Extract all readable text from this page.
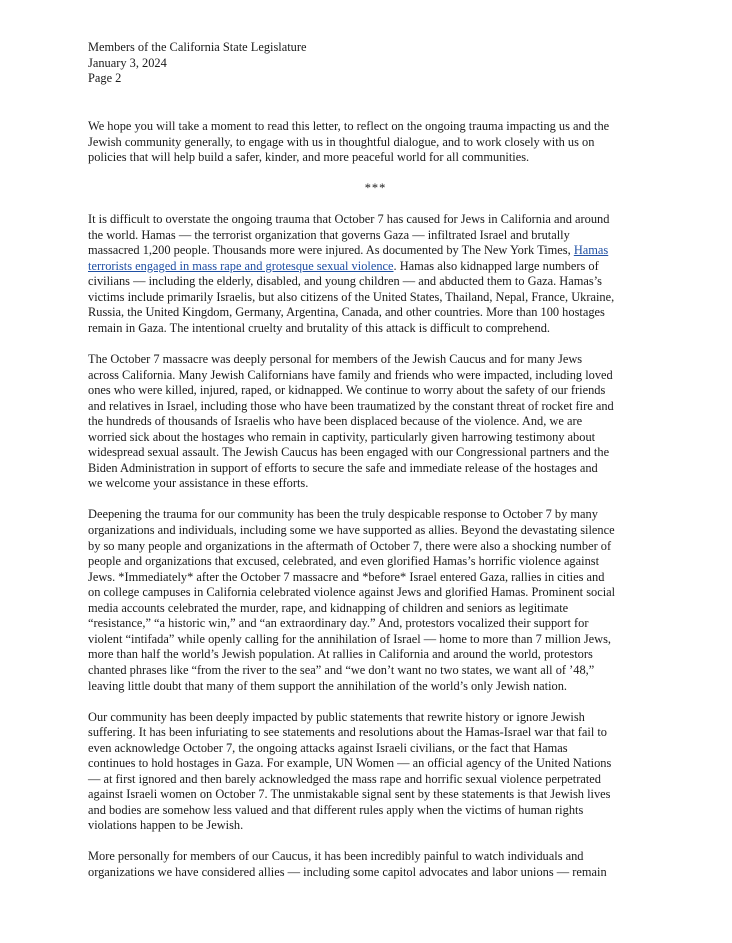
Members of the California State Legislature
January 3, 2024
Page 2

We hope you will take a moment to read this letter, to reflect on the ongoing trauma impacting us and the
Jewish community generally, to engage with us in thoughtful dialogue, and to work closely with us on
policies that will help build a safer, kinder, and more peaceful world for all communities.

***

It is difficult to overstate the ongoing trauma that October 7 has caused for Jews in California and around
the world. Hamas — the terrorist organization that governs Gaza — infiltrated Israel and brutally
massacred 1,200 people. Thousands more were injured. As documented by The New York Times, Hamas
terrorists engaged in mass rape and grotesque sexual violence. Hamas also kidnapped large numbers of
civilians — including the elderly, disabled, and young children — and abducted them to Gaza. Hamas’s
victims include primarily Israelis, but also citizens of the United States, Thailand, Nepal, France, Ukraine,
Russia, the United Kingdom, Germany, Argentina, Canada, and other countries. More than 100 hostages
remain in Gaza. The intentional cruelty and brutality of this attack is difficult to comprehend.

The October 7 massacre was deeply personal for members of the Jewish Caucus and for many Jews
across California. Many Jewish Californians have family and friends who were impacted, including loved
ones who were killed, injured, raped, or kidnapped. We continue to worry about the safety of our friends
and relatives in Israel, including those who have been traumatized by the constant threat of rocket fire and
the hundreds of thousands of Israelis who have been displaced because of the violence. And, we are
worried sick about the hostages who remain in captivity, particularly given harrowing testimony about
widespread sexual assault. The Jewish Caucus has been engaged with our Congressional partners and the
Biden Administration in support of efforts to secure the safe and immediate release of the hostages and
we welcome your assistance in these efforts.

Deepening the trauma for our community has been the truly despicable response to October 7 by many
organizations and individuals, including some we have supported as allies. Beyond the devastating silence
by so many people and organizations in the aftermath of October 7, there were also a shocking number of
people and organizations that excused, celebrated, and even glorified Hamas’s horrific violence against
Jews. *Immediately* after the October 7 massacre and *before* Israel entered Gaza, rallies in cities and
on college campuses in California celebrated violence against Jews and glorified Hamas. Prominent social
media accounts celebrated the murder, rape, and kidnapping of children and seniors as legitimate
“resistance,” “a historic win,” and “an extraordinary day.” And, protestors vocalized their support for
violent “intifada” while openly calling for the annihilation of Israel — home to more than 7 million Jews,
more than half the world’s Jewish population. At rallies in California and around the world, protestors
chanted phrases like “from the river to the sea” and “we don’t want no two states, we want all of ’48,”
leaving little doubt that many of them support the annihilation of the world’s only Jewish nation.

Our community has been deeply impacted by public statements that rewrite history or ignore Jewish
suffering. It has been infuriating to see statements and resolutions about the Hamas-Israel war that fail to
even acknowledge October 7, the ongoing attacks against Israeli civilians, or the fact that Hamas
continues to hold hostages in Gaza. For example, UN Women — an official agency of the United Nations
— at first ignored and then barely acknowledged the mass rape and horrific sexual violence perpetrated
against Israeli women on October 7. The unmistakable signal sent by these statements is that Jewish lives
and bodies are somehow less valued and that different rules apply when the victims of human rights
violations happen to be Jewish.

More personally for members of our Caucus, it has been incredibly painful to watch individuals and
organizations we have considered allies — including some capitol advocates and labor unions — remain
